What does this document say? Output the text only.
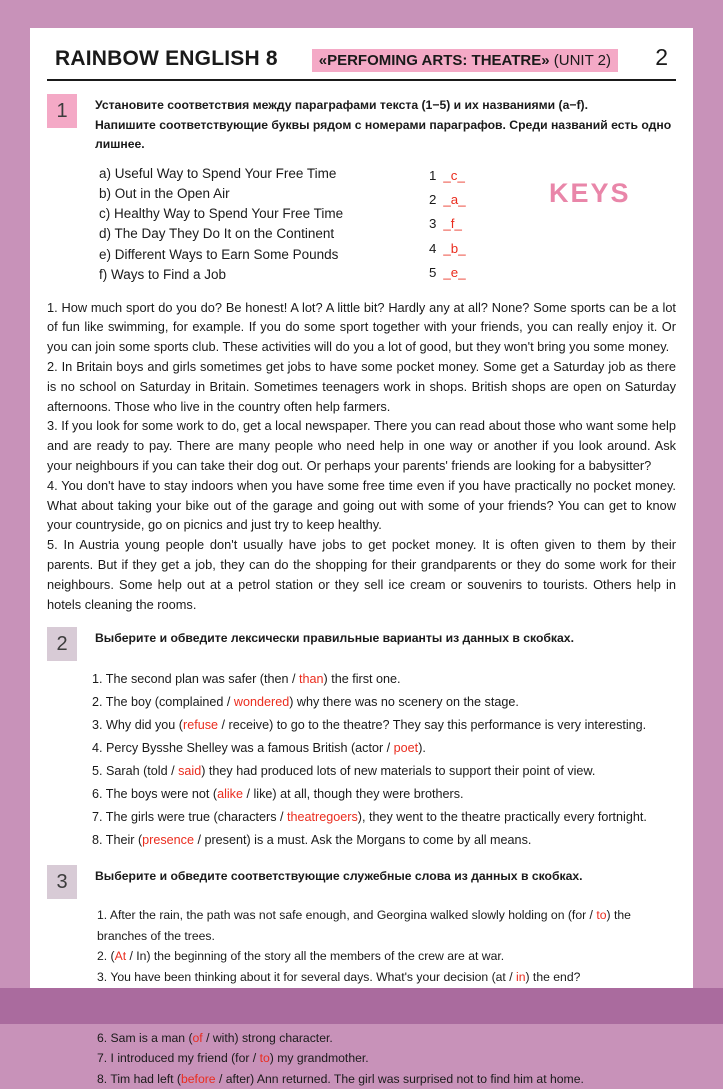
RAINBOW ENGLISH 8	«PERFOMING ARTS: THEATRE» (UNIT 2)	2
1	Установите соответствия между параграфами текста (1−5) и их названиями (a−f).
Напишите соответствующие буквы рядом с номерами параграфов. Среди названий есть одно лишнее.
a) Useful Way to Spend Your Free Time
b) Out in the Open Air
c) Healthy Way to Spend Your Free Time
d) The Day They Do It on the Continent
e) Different Ways to Earn Some Pounds
f) Ways to Find a Job
1 _c_
2 _a_
3 _f_
4 _b_
5 _e_
KEYS
1. How much sport do you do? Be honest! A lot? A little bit? Hardly any at all? None? Some sports can be a lot of fun like swimming, for example. If you do some sport together with your friends, you can really enjoy it. Or you can join some sports club. These activities will do you a lot of good, but they won't bring you some money.
2. In Britain boys and girls sometimes get jobs to have some pocket money. Some get a Saturday job as there is no school on Saturday in Britain. Sometimes teenagers work in shops. British shops are open on Saturday afternoons. Those who live in the country often help farmers.
3. If you look for some work to do, get a local newspaper. There you can read about those who want some help and are ready to pay. There are many people who need help in one way or another if you look around. Ask your neighbours if you can take their dog out. Or perhaps your parents' friends are looking for a babysitter?
4. You don't have to stay indoors when you have some free time even if you have practically no pocket money. What about taking your bike out of the garage and going out with some of your friends? You can get to know your countryside, go on picnics and just try to keep healthy.
5. In Austria young people don't usually have jobs to get pocket money. It is often given to them by their parents. But if they get a job, they can do the shopping for their grandparents or they do some work for their neighbours. Some help out at a petrol station or they sell ice cream or souvenirs to tourists. Others help in hotels cleaning the rooms.
2	Выберите и обведите лексически правильные варианты из данных в скобках.
1. The second plan was safer (then / than) the first one.
2. The boy (complained / wondered) why there was no scenery on the stage.
3. Why did you (refuse / receive) to go to the theatre? They say this performance is very interesting.
4. Percy Bysshe Shelley was a famous British (actor / poet).
5. Sarah (told / said) they had produced lots of new materials to support their point of view.
6. The boys were not (alike / like) at all, though they were brothers.
7. The girls were true (characters / theatregoers), they went to the theatre practically every fortnight.
8. Their (presence / present) is a must. Ask the Morgans to come by all means.
3	Выберите и обведите соответствующие служебные слова из данных в скобках.
1. After the rain, the path was not safe enough, and Georgina walked slowly holding on (for / to) the branches of the trees.
2. (At / In) the beginning of the story all the members of the crew are at war.
3. You have been thinking about it for several days. What's your decision (at / in) the end?
6. Sam is a man (of / with) strong character.
7. I introduced my friend (for / to) my grandmother.
8. Tim had left (before / after) Ann returned. The girl was surprised not to find him at home.
